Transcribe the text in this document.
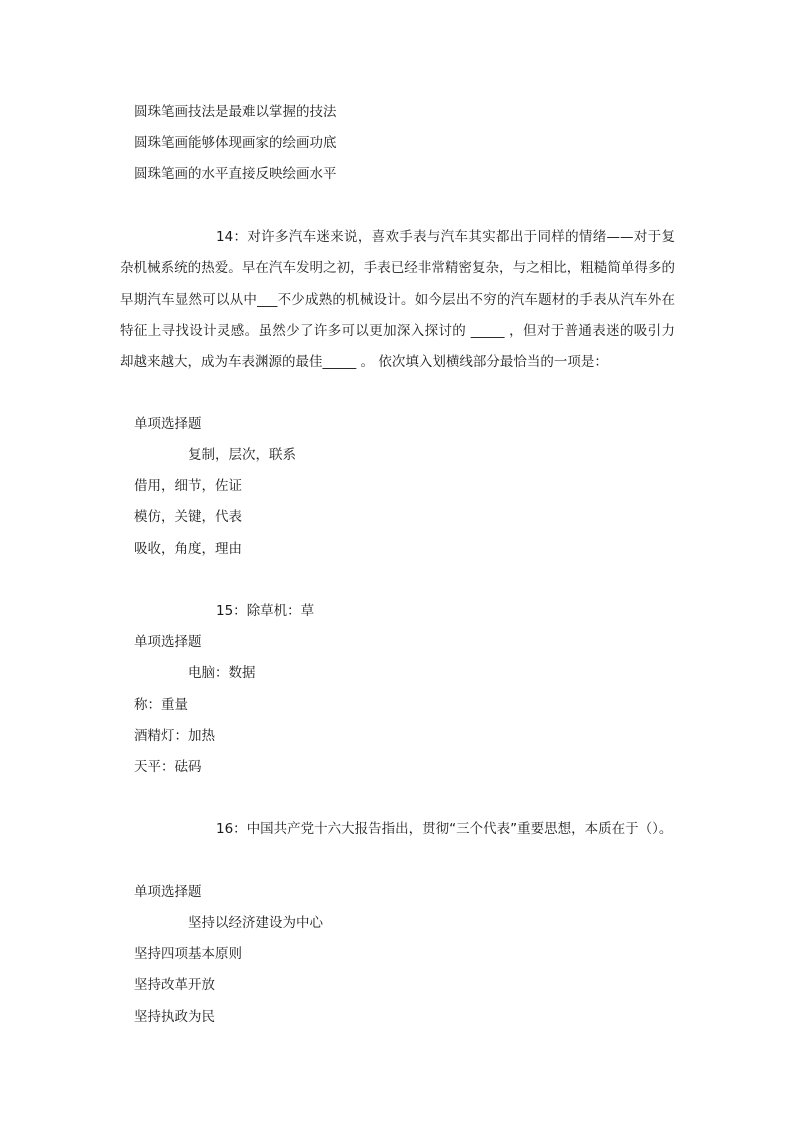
圆珠笔画技法是最难以掌握的技法
圆珠笔画能够体现画家的绘画功底
圆珠笔画的水平直接反映绘画水平
14：对许多汽车迷来说，喜欢手表与汽车其实都出于同样的情绪——对于复杂机械系统的热爱。早在汽车发明之初，手表已经非常精密复杂，与之相比，粗糙简单得多的早期汽车显然可以从中___不少成熟的机械设计。如今层出不穷的汽车题材的手表从汽车外在特征上寻找设计灵感。虽然少了许多可以更加深入探讨的 _____ ，但对于普通表迷的吸引力却越来越大，成为车表渊源的最佳_____ 。 依次填入划横线部分最恰当的一项是：
单项选择题
复制，层次，联系
借用，细节，佐证
模仿，关键，代表
吸收，角度，理由
15：除草机：草
单项选择题
电脑：数据
称：重量
酒精灯：加热
天平：砝码
16：中国共产党十六大报告指出，贯彻“三个代表”重要思想，本质在于（）。
单项选择题
坚持以经济建设为中心
坚持四项基本原则
坚持改革开放
坚持执政为民
